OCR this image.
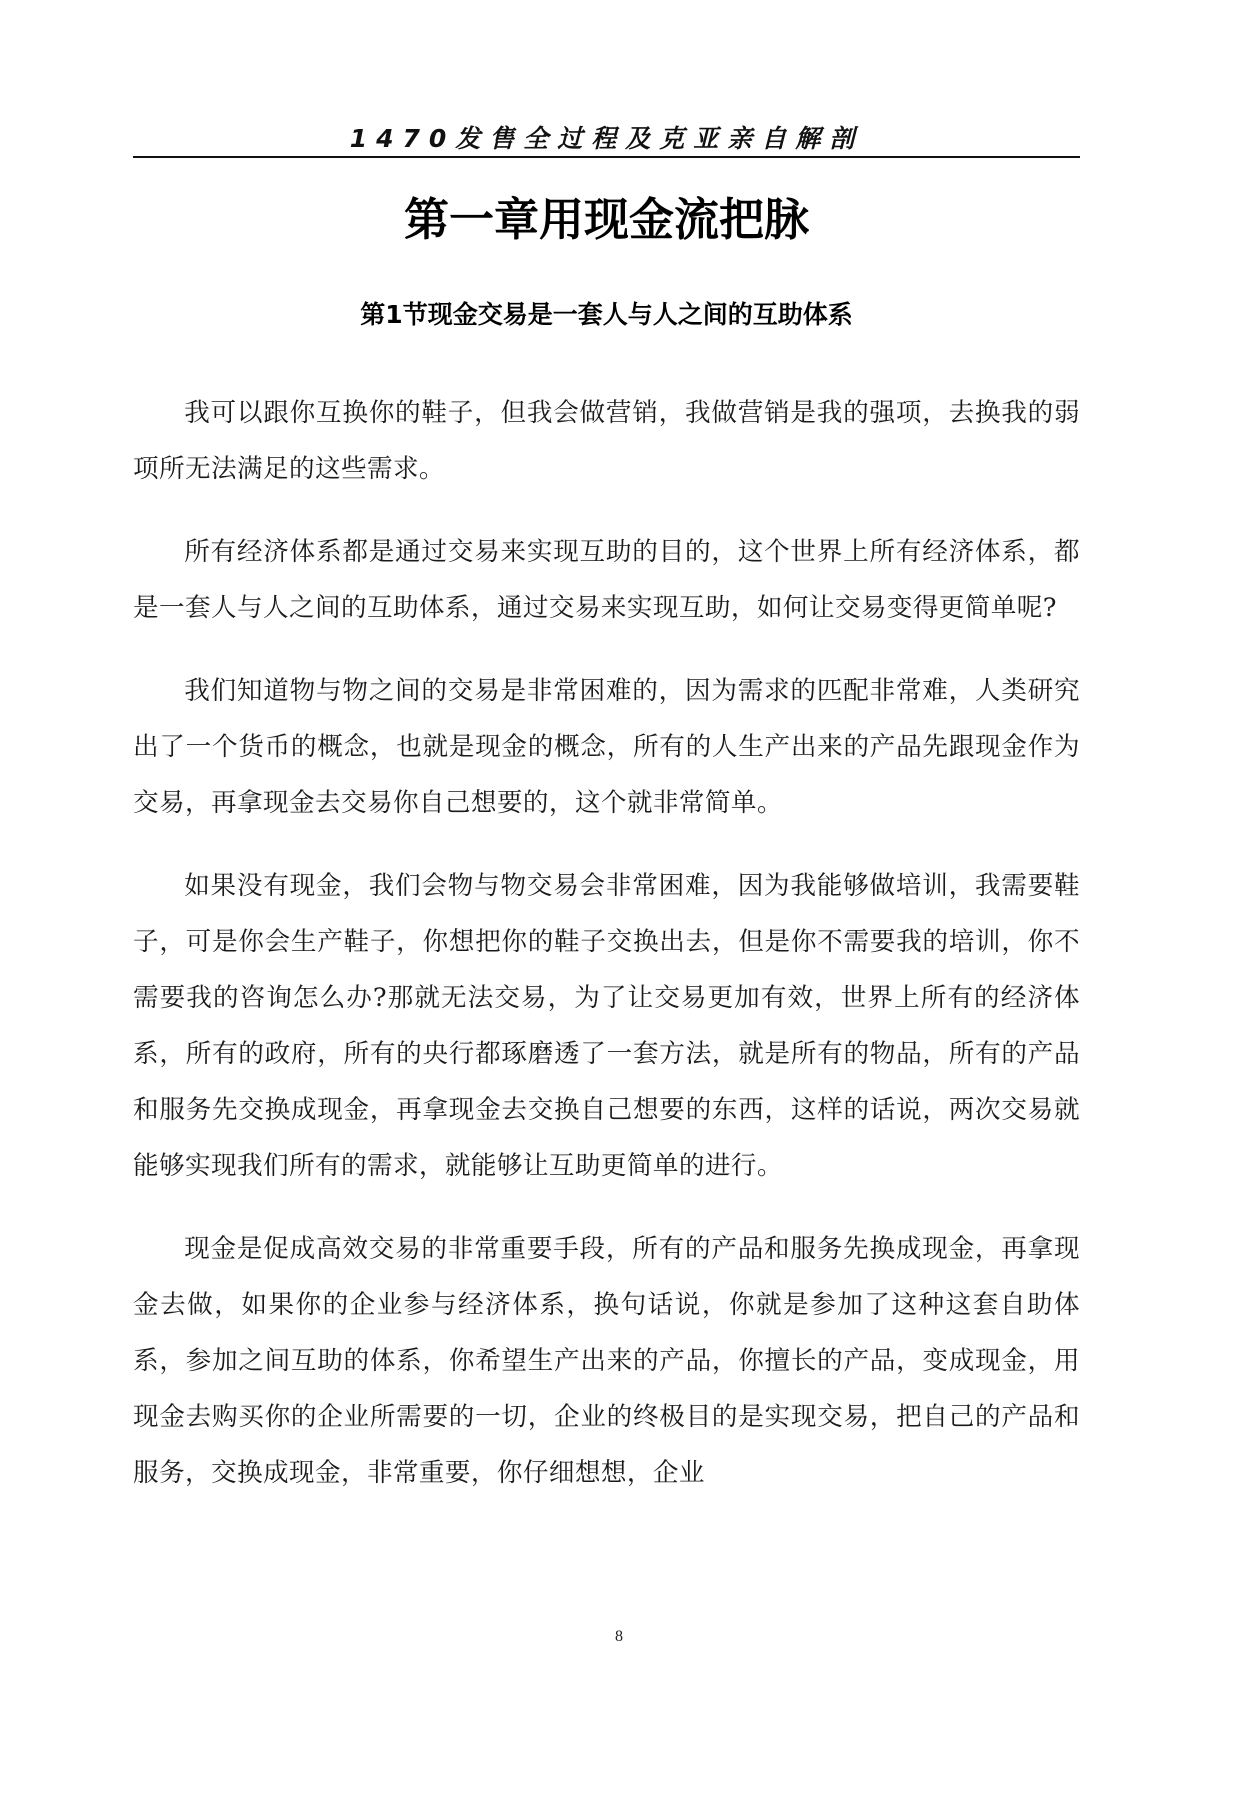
1470发售全过程及克亚亲自解剖
第一章用现金流把脉
第1节现金交易是一套人与人之间的互助体系

我可以跟你互换你的鞋子，但我会做营销，我做营销是我的强项，去换我的弱项所无法满足的这些需求。

所有经济体系都是通过交易来实现互助的目的，这个世界上所有经济体系，都是一套人与人之间的互助体系，通过交易来实现互助，如何让交易变得更简单呢?

我们知道物与物之间的交易是非常困难的，因为需求的匹配非常难，人类研究出了一个货币的概念，也就是现金的概念，所有的人生产出来的产品先跟现金作为交易，再拿现金去交易你自己想要的，这个就非常简单。

如果没有现金，我们会物与物交易会非常困难，因为我能够做培训，我需要鞋子，可是你会生产鞋子，你想把你的鞋子交换出去，但是你不需要我的培训，你不需要我的咨询怎么办?那就无法交易，为了让交易更加有效，世界上所有的经济体系，所有的政府，所有的央行都琢磨透了一套方法，就是所有的物品，所有的产品和服务先交换成现金，再拿现金去交换自己想要的东西，这样的话说，两次交易就能够实现我们所有的需求，就能够让互助更简单的进行。

现金是促成高效交易的非常重要手段，所有的产品和服务先换成现金，再拿现金去做，如果你的企业参与经济体系，换句话说，你就是参加了这种这套自助体系，参加之间互助的体系，你希望生产出来的产品，你擅长的产品，变成现金，用现金去购买你的企业所需要的一切，企业的终极目的是实现交易，把自己的产品和服务，交换成现金，非常重要，你仔细想想，企业

8
